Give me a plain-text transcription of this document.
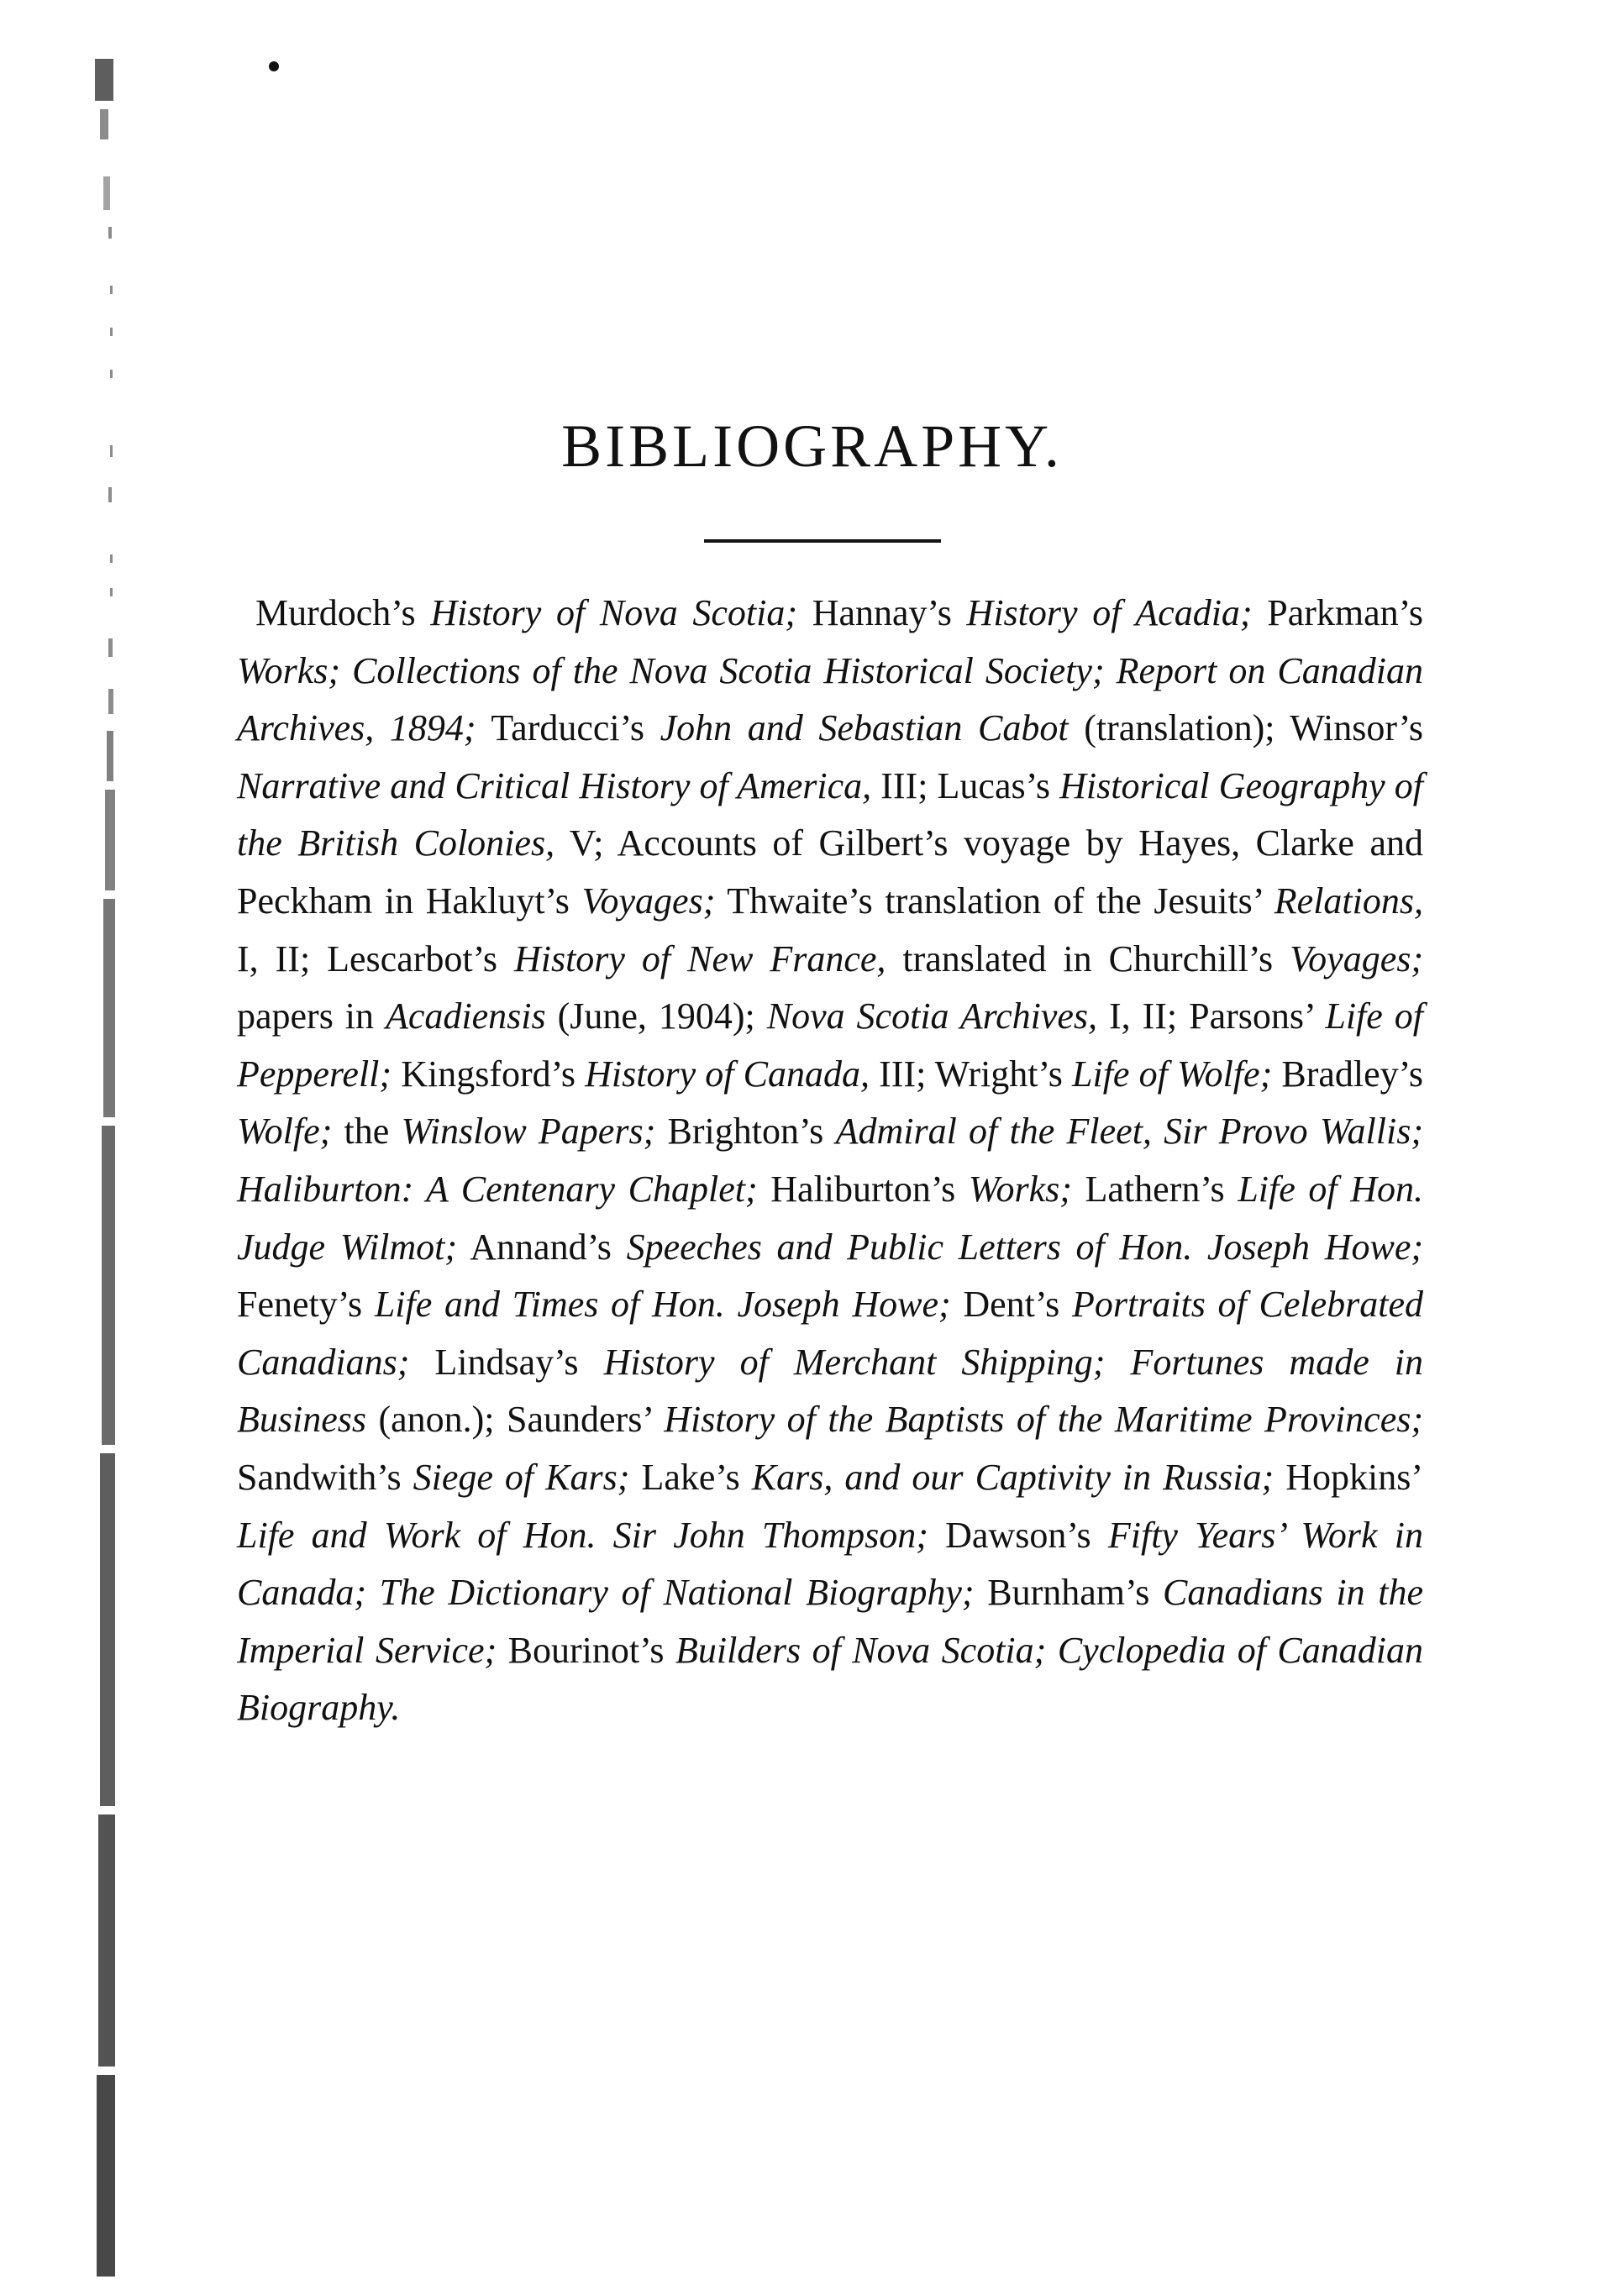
BIBLIOGRAPHY.

Murdoch’s History of Nova Scotia; Hannay’s History of Acadia; Parkman’s Works; Collections of the Nova Scotia Historical Society; Report on Canadian Archives, 1894; Tarducci’s John and Sebastian Cabot (translation); Winsor’s Narrative and Critical History of America, III; Lucas’s Historical Geography of the British Colonies, V; Accounts of Gilbert’s voyage by Hayes, Clarke and Peckham in Hakluyt’s Voyages; Thwaite’s translation of the Jesuits’ Relations, I, II; Lescarbot’s History of New France, translated in Churchill’s Voyages; papers in Acadiensis (June, 1904); Nova Scotia Archives, I, II; Parsons’ Life of Pepperell; Kingsford’s History of Canada, III; Wright’s Life of Wolfe; Bradley’s Wolfe; the Winslow Papers; Brighton’s Admiral of the Fleet, Sir Provo Wallis; Haliburton: A Centenary Chaplet; Haliburton’s Works; Lathern’s Life of Hon. Judge Wilmot; Annand’s Speeches and Public Letters of Hon. Joseph Howe; Fenety’s Life and Times of Hon. Joseph Howe; Dent’s Portraits of Celebrated Canadians; Lindsay’s History of Merchant Shipping; Fortunes made in Business (anon.); Saunders’ History of the Baptists of the Maritime Provinces; Sandwith’s Siege of Kars; Lake’s Kars, and our Captivity in Russia; Hopkins’ Life and Work of Hon. Sir John Thompson; Dawson’s Fifty Years’ Work in Canada; The Dictionary of National Biography; Burnham’s Canadians in the Imperial Service; Bourinot’s Builders of Nova Scotia; Cyclopedia of Canadian Biography.
